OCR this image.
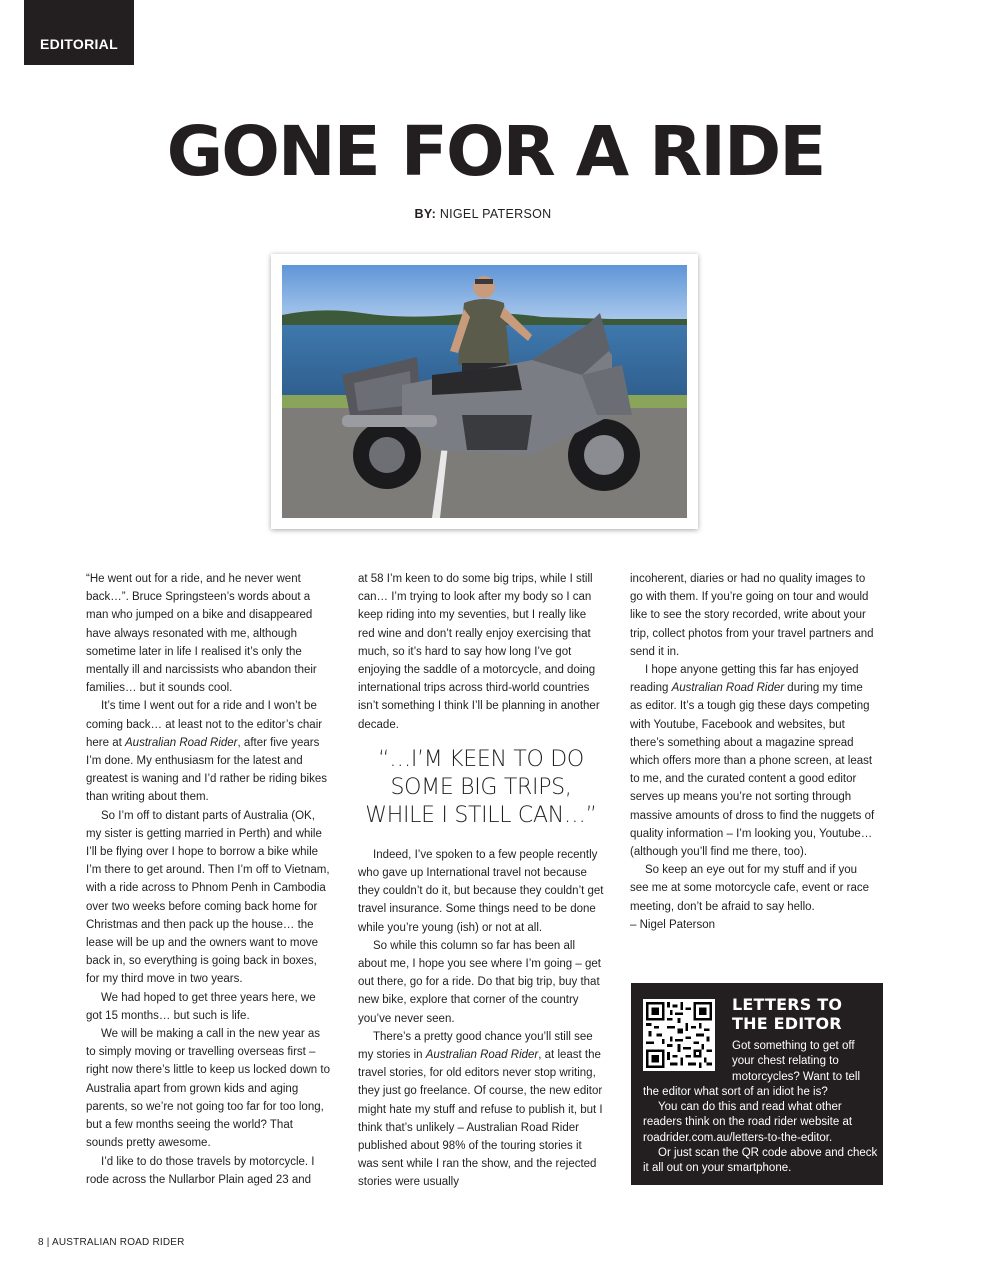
EDITORIAL
GONE FOR A RIDE
BY: NIGEL PATERSON

“He went out for a ride, and he never went back…”. Bruce Springsteen’s words about a man who jumped on a bike and disappeared have always resonated with me, although sometime later in life I realised it’s only the mentally ill and narcissists who abandon their families… but it sounds cool.

It’s time I went out for a ride and I won’t be coming back… at least not to the editor’s chair here at Australian Road Rider, after five years I’m done. My enthusiasm for the latest and greatest is waning and I’d rather be riding bikes than writing about them.

So I’m off to distant parts of Australia (OK, my sister is getting married in Perth) and while I’ll be flying over I hope to borrow a bike while I’m there to get around. Then I’m off to Vietnam, with a ride across to Phnom Penh in Cambodia over two weeks before coming back home for Christmas and then pack up the house… the lease will be up and the owners want to move back in, so everything is going back in boxes, for my third move in two years.

We had hoped to get three years here, we got 15 months… but such is life.

We will be making a call in the new year as to simply moving or travelling overseas first – right now there’s little to keep us locked down to Australia apart from grown kids and aging parents, so we’re not going too far for too long, but a few months seeing the world? That sounds pretty awesome.

I’d like to do those travels by motorcycle. I rode across the Nullarbor Plain aged 23 and

at 58 I’m keen to do some big trips, while I still can… I’m trying to look after my body so I can keep riding into my seventies, but I really like red wine and don’t really enjoy exercising that much, so it’s hard to say how long I’ve got enjoying the saddle of a motorcycle, and doing international trips across third-world countries isn’t something I think I’ll be planning in another decade.

“…I’M KEEN TO DO SOME BIG TRIPS, WHILE I STILL CAN…”

Indeed, I’ve spoken to a few people recently who gave up International travel not because they couldn’t do it, but because they couldn’t get travel insurance. Some things need to be done while you’re young (ish) or not at all.

So while this column so far has been all about me, I hope you see where I’m going – get out there, go for a ride. Do that big trip, buy that new bike, explore that corner of the country you’ve never seen.

There’s a pretty good chance you’ll still see my stories in Australian Road Rider, at least the travel stories, for old editors never stop writing, they just go freelance. Of course, the new editor might hate my stuff and refuse to publish it, but I think that’s unlikely – Australian Road Rider published about 98% of the touring stories it was sent while I ran the show, and the rejected stories were usually

incoherent, diaries or had no quality images to go with them. If you’re going on tour and would like to see the story recorded, write about your trip, collect photos from your travel partners and send it in.

I hope anyone getting this far has enjoyed reading Australian Road Rider during my time as editor. It’s a tough gig these days competing with Youtube, Facebook and websites, but there’s something about a magazine spread which offers more than a phone screen, at least to me, and the curated content a good editor serves up means you’re not sorting through massive amounts of dross to find the nuggets of quality information – I’m looking you, Youtube… (although you’ll find me there, too).

So keep an eye out for my stuff and if you see me at some motorcycle cafe, event or race meeting, don’t be afraid to say hello.

– Nigel Paterson

LETTERS TO
THE EDITOR
Got something to get off your chest relating to motorcycles? Want to tell
the editor what sort of an idiot he is?

You can do this and read what other readers think on the road rider website at roadrider.com.au/letters-to-the-editor.

Or just scan the QR code above and check it all out on your smartphone.

8 | AUSTRALIAN ROAD RIDER
